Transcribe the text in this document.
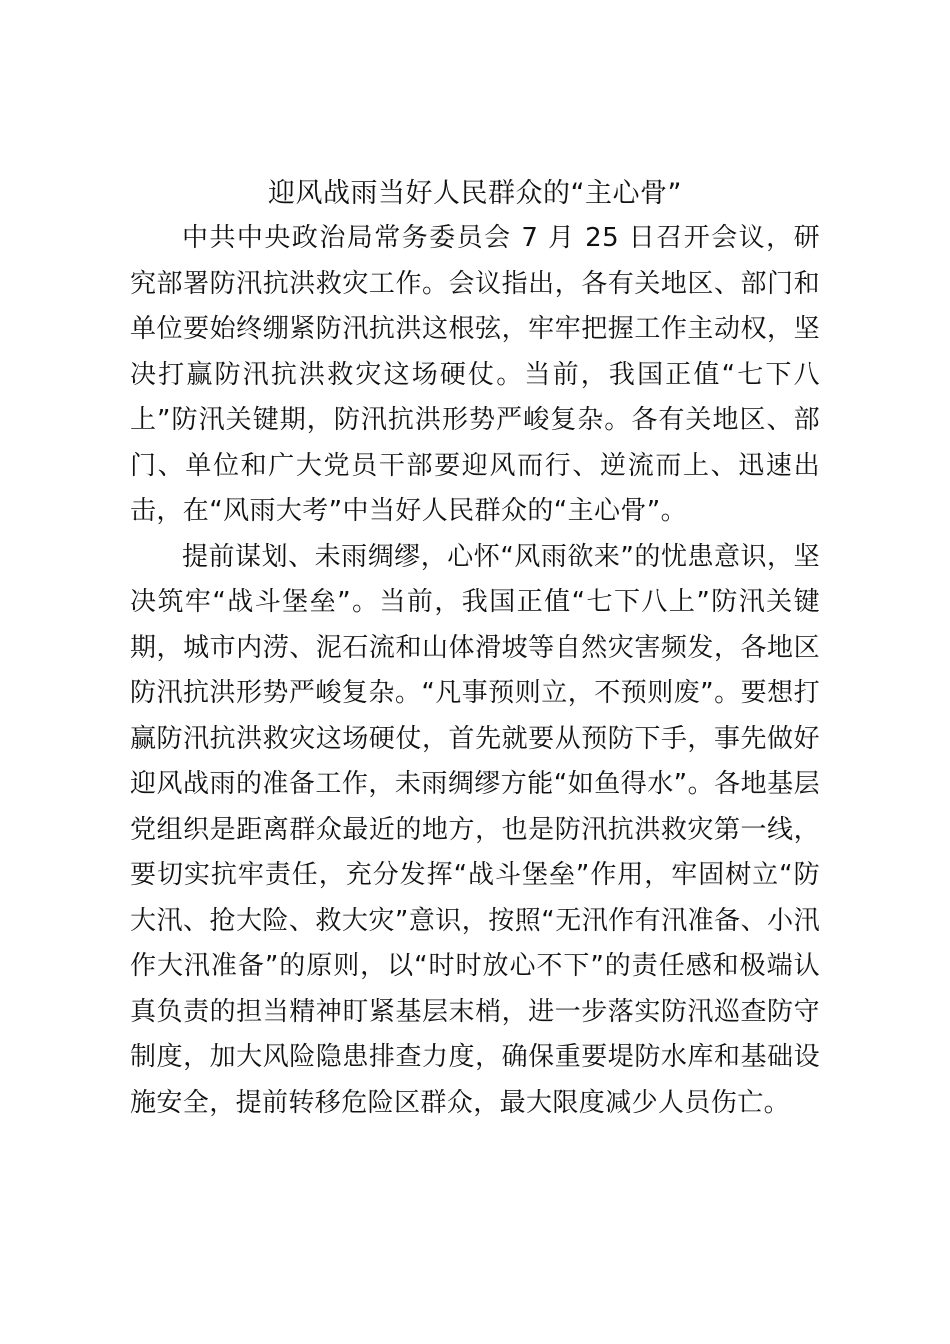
迎风战雨当好人民群众的“主心骨”

中共中央政治局常务委员会 7 月 25 日召开会议，研究部署防汛抗洪救灾工作。会议指出，各有关地区、部门和单位要始终绷紧防汛抗洪这根弦，牢牢把握工作主动权，坚决打赢防汛抗洪救灾这场硬仗。当前，我国正值“七下八上”防汛关键期，防汛抗洪形势严峻复杂。各有关地区、部门、单位和广大党员干部要迎风而行、逆流而上、迅速出击，在“风雨大考”中当好人民群众的“主心骨”。

提前谋划、未雨绸缪，心怀“风雨欲来”的忧患意识，坚决筑牢“战斗堡垒”。当前，我国正值“七下八上”防汛关键期，城市内涝、泥石流和山体滑坡等自然灾害频发，各地区防汛抗洪形势严峻复杂。“凡事预则立，不预则废”。要想打赢防汛抗洪救灾这场硬仗，首先就要从预防下手，事先做好迎风战雨的准备工作，未雨绸缪方能“如鱼得水”。各地基层党组织是距离群众最近的地方，也是防汛抗洪救灾第一线，要切实抗牢责任，充分发挥“战斗堡垒”作用，牢固树立“防大汛、抢大险、救大灾”意识，按照“无汛作有汛准备、小汛作大汛准备”的原则，以“时时放心不下”的责任感和极端认真负责的担当精神盯紧基层末梢，进一步落实防汛巡查防守制度，加大风险隐患排查力度，确保重要堤防水库和基础设施安全，提前转移危险区群众，最大限度减少人员伤亡。
